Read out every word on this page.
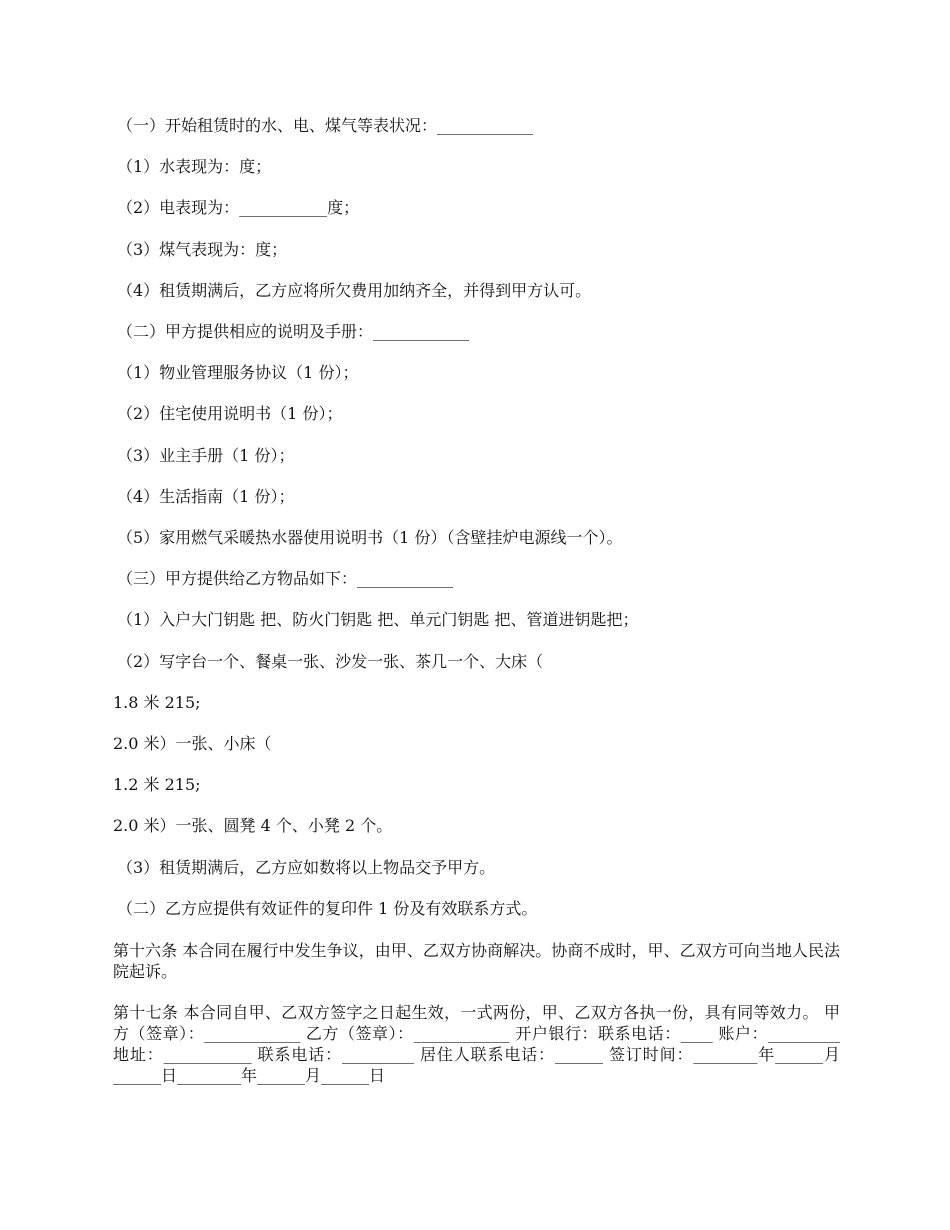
（一）开始租赁时的水、电、煤气等表状况：____________
（1）水表现为：度；
（2）电表现为：___________度；
（3）煤气表现为：度；
（4）租赁期满后，乙方应将所欠费用加纳齐全，并得到甲方认可。
（二）甲方提供相应的说明及手册：____________
（1）物业管理服务协议（1 份）；
（2）住宅使用说明书（1 份）；
（3）业主手册（1 份）；
（4）生活指南（1 份）；
（5）家用燃气采暖热水器使用说明书（1 份）（含壁挂炉电源线一个）。
（三）甲方提供给乙方物品如下：____________
（1）入户大门钥匙 把、防火门钥匙 把、单元门钥匙 把、管道进钥匙把；
（2）写字台一个、餐桌一张、沙发一张、茶几一个、大床（
1.8 米 215;
2.0 米）一张、小床（
1.2 米 215;
2.0 米）一张、圆凳 4 个、小凳 2 个。
（3）租赁期满后，乙方应如数将以上物品交予甲方。
（二）乙方应提供有效证件的复印件 1 份及有效联系方式。
第十六条 本合同在履行中发生争议，由甲、乙双方协商解决。协商不成时，甲、乙双方可向当地人民法院起诉。
第十七条 本合同自甲、乙双方签字之日起生效，一式两份，甲、乙双方各执一份，具有同等效力。 甲 方（签章）：____________ 乙方（签章）：____________ 开户银行：联系电话：____ 账户：_________ 地址：___________ 联系电话：_________ 居住人联系电话：______ 签订时间：________年______月______日________年______月______日
